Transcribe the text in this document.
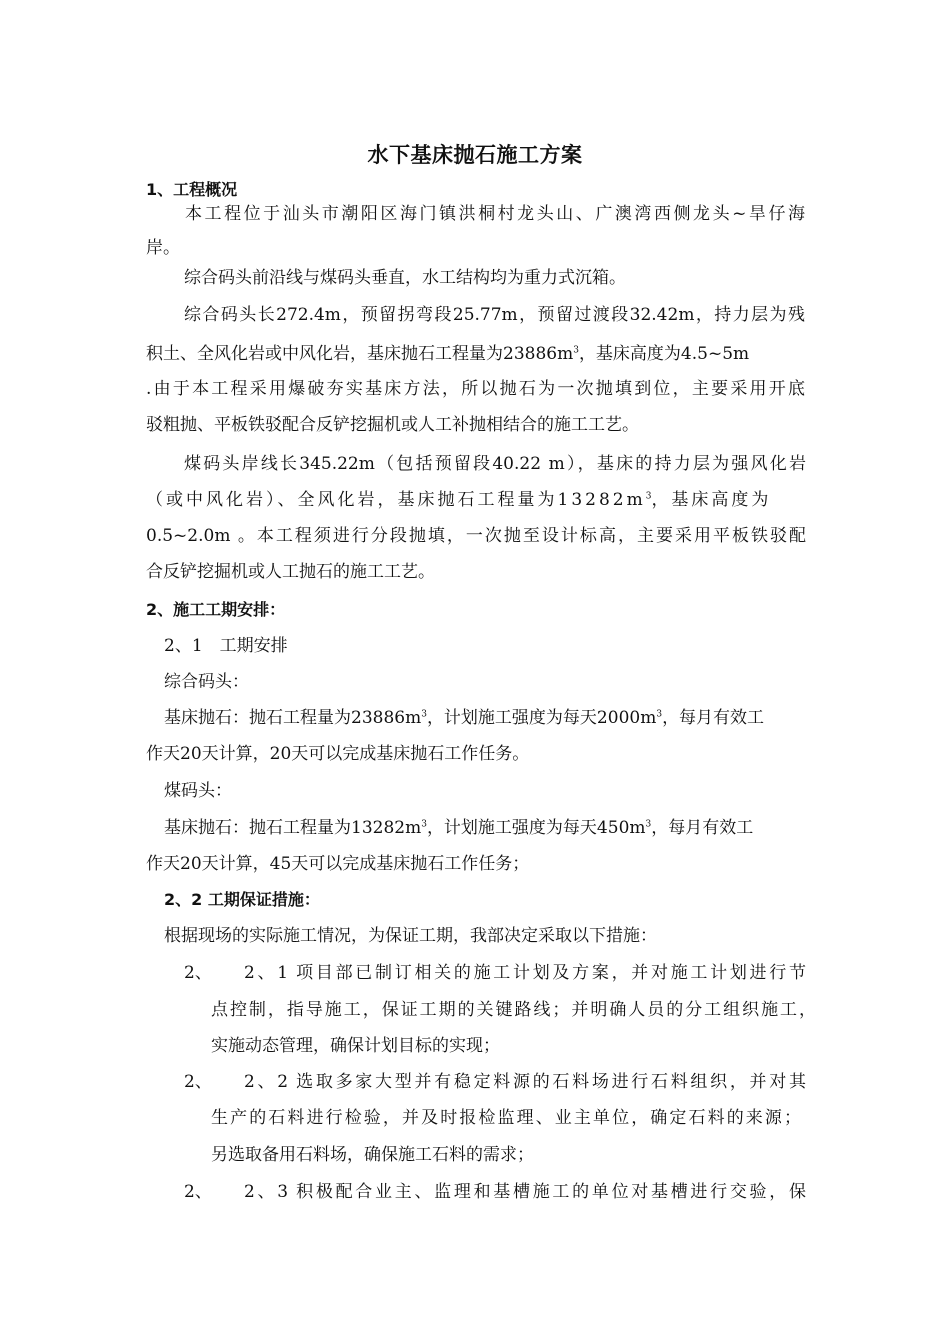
水下基床抛石施工方案
1、工程概况
本工程位于汕头市潮阳区海门镇洪桐村龙头山、广澳湾西侧龙头~旱仔海
岸。
综合码头前沿线与煤码头垂直，水工结构均为重力式沉箱。
综合码头长272.4m，预留拐弯段25.77m，预留过渡段32.42m，持力层为残
积土、全风化岩或中风化岩，基床抛石工程量为$23886m^3$，基床高度为4.5~5m
.由于本工程采用爆破夯实基床方法，所以抛石为一次抛填到位，主要采用开底
驳粗抛、平板铁驳配合反铲挖掘机或人工补抛相结合的施工工艺。
煤码头岸线长345.22m（包括预留段40.22 m），基床的持力层为强风化岩
（或中风化岩）、全风化岩，基床抛石工程量为$13282m^3$，基床高度为
0.5~2.0m 。本工程须进行分段抛填，一次抛至设计标高，主要采用平板铁驳配
合反铲挖掘机或人工抛石的施工工艺。
2、施工工期安排：
2、1　工期安排
综合码头：
基床抛石：抛石工程量为$23886m^3$，计划施工强度为每天$2000m^3$，每月有效工
作天20天计算，20天可以完成基床抛石工作任务。
煤码头：
基床抛石：抛石工程量为$13282m^3$，计划施工强度为每天$450m^3$，每月有效工
作天20天计算，45天可以完成基床抛石工作任务；
2、2 工期保证措施：
根据现场的实际施工情况，为保证工期，我部决定采取以下措施：
2、 2、1 项目部已制订相关的施工计划及方案，并对施工计划进行节
点控制，指导施工，保证工期的关键路线；并明确人员的分工组织施工，
实施动态管理，确保计划目标的实现；
2、 2、2 选取多家大型并有稳定料源的石料场进行石料组织，并对其
生产的石料进行检验，并及时报检监理、业主单位，确定石料的来源；
另选取备用石料场，确保施工石料的需求；
2、 2、3 积极配合业主、监理和基槽施工的单位对基槽进行交验，保
